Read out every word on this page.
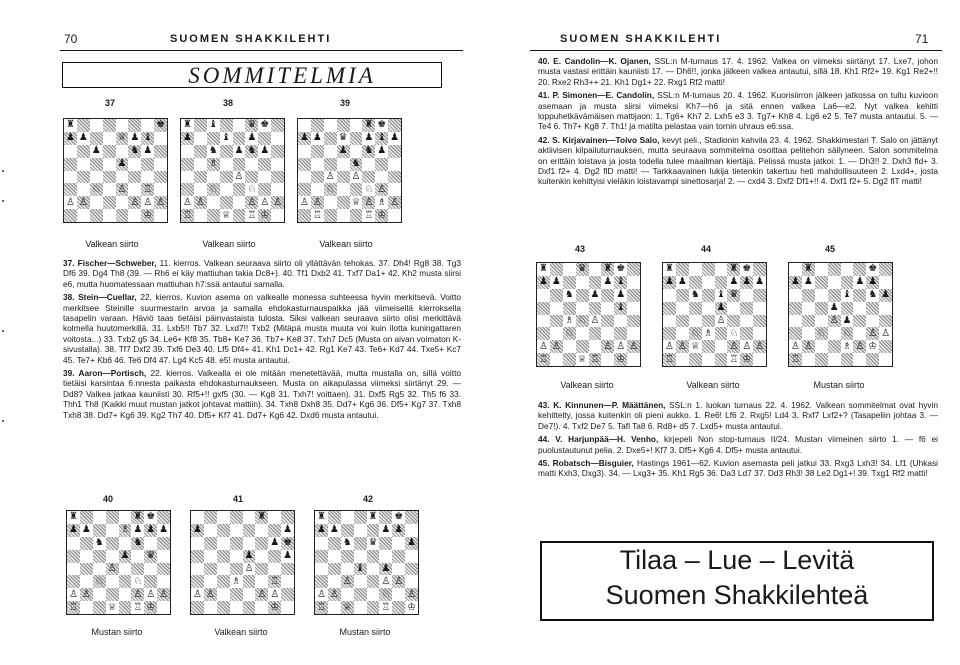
70	SUOMEN SHAKKILEHTI
SOMMITELMIA
37	38	39
♜	♚
♟ ♟	♕ ♟ ♝
♟	♞ ♟
♟
♘ ♙ ♖
♙ ♙	♙ ♙ ♙
♔
♜ ♝	♛ ♚
♟	♝ ♟
♞ ♟ ♞ ♟
♗
♙
♘	♘
♙ ♙	♙ ♙ ♙
♖	♕ ♖ ♔
♜ ♚
♟ ♟ ♛ ♟ ♝ ♟
♟ ♞ ♟
♞
♙ ♙
♘	♘ ♙
♙ ♙	♕ ♙ ♗ ♙
♖	♖ ♔
Valkean siirto	Valkean siirto	Valkean siirto

37. Fischer—Schweber, 11. kierros. Valkean seuraava siirto oli yllättävän tehokas. 37. Dh4! Rg8 38. Tg3 Df6 39. Dg4 Th8 (39. — Rh6 ei käy mattiuhan takia Dc8+). 40. Tf1 Dxb2 41. Txf7 Da1+ 42. Kh2 musta siirsi e6, mutta huomatessaan mattiuhan h7:ssä antautui samalla.

38. Stein—Cuellar, 22. kierros. Kuvion asema on valkealle monessa suhteessa hyvin merkitsevä. Voitto merkitsee Steinille suurmestarin arvoa ja samalla ehdokasturnauspaikka jää viimeisellä kierroksella tasapelin varaan. Häviö taas tietäisi päinvastaista tulosta. Siksi valkean seuraava siirto olisi merkittävä kolmella huutomerkillä. 31. Lxb5!! Tb7 32. Lxd7!! Txb2 (Mitäpä musta muuta voi kuin ilotta kuningattaren voitosta...) 33. Txb2 g5 34. Le6+ Kf8 35. Tb8+ Ke7 36. Tb7+ Ke8 37. Txh7 Dc5 (Musta on aivan voimaton K-sivustalla). 38. Tf7 Dxf2 39. Txf6 De3 40. Lf5 Df4+ 41. Kh1 Dc1+ 42. Rg1 Ke7 43. Te6+ Kd7 44. Txe5+ Kc7 45. Te7+ Kb6 46. Te6 Df4 47. Lg4 Kc5 48. e5! musta antautui.

39. Aaron—Portisch, 22. kierros. Valkealla ei ole mitään menetettävää, mutta mustalla on, sillä voitto tietäisi karsintaa 6:nnesta paikasta ehdokasturnaukseen. Musta on aikapulassa viimeksi siirtänyt 29. — Dd8? Valkea jatkaa kauniisti 30. Rf5+!! gxf5 (30. — Kg8 31. Txh7! voittaen). 31. Dxf5 Rg5 32. Th5 f6 33. Thh1 Th8 (Kaikki muut mustan jatkot johtavat mattiin). 34. Txh8 Dxh8 35. Dd7+ Kg6 36. Df5+ Kg7 37. Txh8 Txh8 38. Dd7+ Kg6 39. Kg2 Th7 40. Df5+ Kf7 41. Dd7+ Kg6 42. Dxd6 musta antautui.

40	41	42
♜	♜ ♚
♟ ♟	♗ ♟ ♟ ♟
♞	♞
♟ ♛
♙
♘	♘
♙ ♙	♙ ♙ ♙
♖	♕ ♖ ♔
♜
♟	♟
♟ ♚
♟	♟
♙
♗	♖
♙ ♙	♙ ♙
♔
♜	♜ ♚
♟ ♟	♟ ♟
♞ ♛	♟
♝ ♟
♙	♙ ♙
♙ ♙	♘ ♙
♖ ♕	♖ ♔
Mustan siirto	Valkean siirto	Mustan siirto
SUOMEN SHAKKILEHTI	71

40. E. Candolin—K. Ojanen, SSL:n M-turnaus 17. 4. 1962. Valkea on viimeksi siirtänyt 17. Lxe7, johon musta vastasi erittäin kauniisti 17. — Dh6!!, jonka jälkeen valkea antautui, sillä 18. Kh1 Rf2+ 19. Kg1 Re2+!! 20. Rxe2 Rh3++ 21. Kh1 Dg1+ 22. Rxg1 Rf2 matti!

41. P. Simonen—E. Candolin, SSL:n M-turnaus 20. 4. 1962. Kuorisiirron jälkeen jatkossa on tultu kuvioon asemaan ja musta siirsi viimeksi Kh7—h6 ja sitä ennen valkea La6—e2. Nyt valkea kehitti loppuhetkävämäisen mattijaon: 1. Tg6+ Kh7 2. Lxh5 e3 3. Tg7+ Kh8 4. Lg6 e2 5. Te7 musta antautui. 5. — Te4 6. Th7+ Kg8 7. Th1! ja matilta pelastaa vain tornin uhraus e6:ssa.

42. S. Kirjavainen—Toivo Salo, kevyt peli., Stadionin kahvila 23. 4. 1962. Shakkimestari T. Salo on jättänyt aktiivisen kilpailuturnauksen, mutta seuraava sommitelma osoittaa pelitehon säilyneen. Salon sommitelma on erittäin loistava ja josta todella tulee maailman kiertäjä. Pelissä musta jatkoi: 1. — Dh3!! 2. Dxh3 fld+ 3. Dxf1 f2+ 4. Dg2 flD matti! — Tarkkaavainen lukija tietenkin takertuu heti mahdollisuuteen 2. Lxd4+, josta kuitenkin kehittyisi vieläkin loistavampi sinettosarja! 2. — cxd4 3. Dxf2 Df1+!! 4. Dxf1 f2+ 5. Dg2 flT matti!

43	44	45
♜	♛ ♜ ♚
♟ ♟	♟ ♝
♞ ♟ ♟
♝
♗ ♘ ♙
♘
♙ ♙	♙ ♙ ♙
♖	♕ ♖ ♔
♜	♜ ♚
♟ ♟	♟ ♟ ♟
♞ ♝ ♛
♟
♙
♘ ♗ ♘
♙ ♙ ♕	♙ ♙ ♙
♖	♖ ♔
♜	♚
♟ ♟	♟ ♟
♝ ♞ ♟
♟
♙ ♟
♘ ♘ ♙ ♙
♙ ♙	♗ ♙ ♔
♖
Valkean siirto	Valkean siirto	Mustan siirto

43. K. Kinnunen—P. Määttänen, SSL:n 1. luokan turnaus 22. 4. 1962. Valkean sommitelmat ovat hyvin kehittelty, jossa kuitenkin oli pieni aukko. 1. Re6! Lf6 2. Rxg5! Ld4 3. Rxf7 Lxf2+? (Tasapeliin johtaa 3. — De7!). 4. Txf2 De7 5. Tafl Ta8 6. Rd8+ d5 7. Lxd5+ musta antautui.

44. V. Harjunpää—H. Venho, kirjepeli Non stop-turnaus II/24. Mustan viimeinen siirto 1. — f6 ei puolustautunut pelia. 2. Dxe5+! Kf7 3. Df5+ Kg6 4. Df5+ musta antautui.

45. Robatsch—Bisguier, Hastings 1961—62. Kuvion asemasta peli jatkui 33. Rxg3 Lxh3! 34. Lf1 (Uhkasi matti Kxh3, Dxg3). 34. — Lxg3+ 35. Kh1 Rg5 36. Da3 Ld7 37. Dd3 Rh3! 38 Le2 Dg1+! 39. Txg1 Rf2 matti!

Tilaa – Lue – Levitä
Suomen Shakkilehteä
